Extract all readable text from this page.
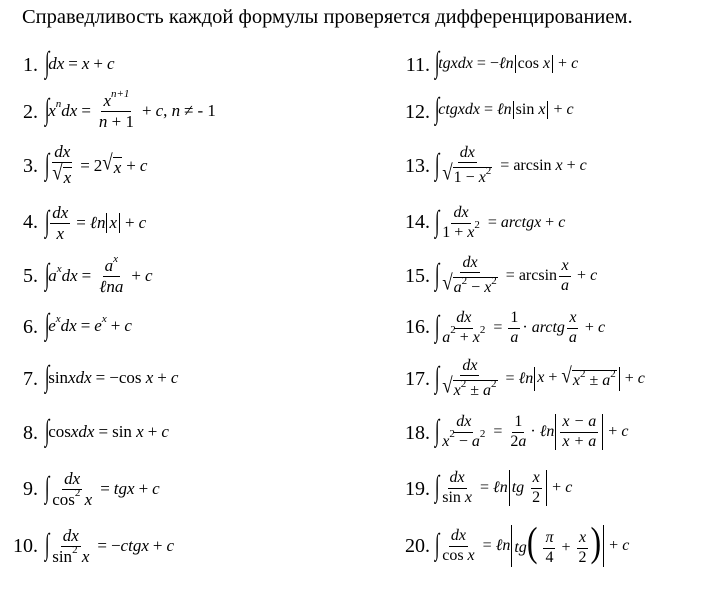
Справедливость каждой формулы проверяется дифференцированием.
1. ∫
dx = x + c
2. ∫
$x^ndx = \frac{x^{n+1}}{n + 1} + c$ , n ≠ - 1
3. ∫ $\frac{dx}{√ x} = 2$ √ x + c
4. ∫ $\frac{dx}{x}$ = ℓn x + c
5. ∫
$a^xdx = \frac{a^x}{\text{ℓna}} + c$
6. ∫
$e^xdx = e^x + c$
7. ∫
sin xdx = −cos x + c
8. ∫
cos xdx = sin x + c
9. ∫ $\frac{dx}{\cos^2 x}$ = tgx + c
10. ∫ $\frac{dx}{\sin^2 x}$ = − ctgx + c
11. ∫
tgxdx = − ℓn cos x + c
12. ∫
ctgxdx = ℓn sin x + c
13. ∫ $\frac{dx}{√ 1 - x^2} = \arcsin x + c$
14. ∫ $\frac{dx}{1 + x^2}$ = arctgx + c
15. ∫ $\frac{dx}{√ a^2 - x^2} = \arcsin \frac{x}{a} + c$
16. ∫ $\frac{dx}{a^2 + x^2} = \frac{1}{a}$ · arctg $\frac{x}{a} + c$
17. ∫ $\frac{dx}{√ x^2 \pm a^2}$ = ℓn x + √ $x^2 \pm a^2 + c$
18. ∫ $\frac{dx}{x^2 - a^2} = \frac{1}{2a}$ · ℓn $\frac{x - a}{x + a} + c$
19. ∫ $\frac{dx}{\text{sin x}}$ = ℓn tg $\frac{x}{2} + c$
20. ∫ $\frac{dx}{\text{cos x}}$ = ℓn $tg( \frac{\pi}{4} + \frac{x}{2}$ ) + c
